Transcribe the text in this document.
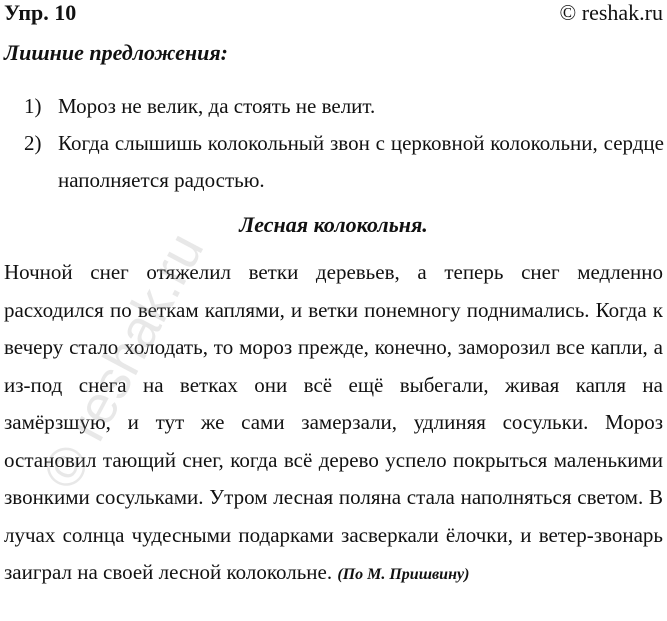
Упр. 10	© reshak.ru
Лишние предложения:
1) Мороз не велик, да стоять не велит.
2) Когда слышишь колокольный звон с церковной колокольни, сердце наполняется радостью.
Лесная колокольня.

Ночной снег отяжелил ветки деревьев, а теперь снег медленно расходился по веткам каплями, и ветки понемногу поднимались. Когда к вечеру стало холодать, то мороз прежде, конечно, заморозил все капли, а из-под снега на ветках они всё ещё выбегали, живая капля на замёрзшую, и тут же сами замерзали, удлиняя сосульки. Мороз остановил тающий снег, когда всё дерево успело покрыться маленькими звонкими сосульками. Утром лесная поляна стала наполняться светом. В лучах солнца чудесными подарками засверкали ёлочки, и ветер-звонарь заиграл на своей лесной колокольне. (По М. Пришвину)

© reshak.ru
